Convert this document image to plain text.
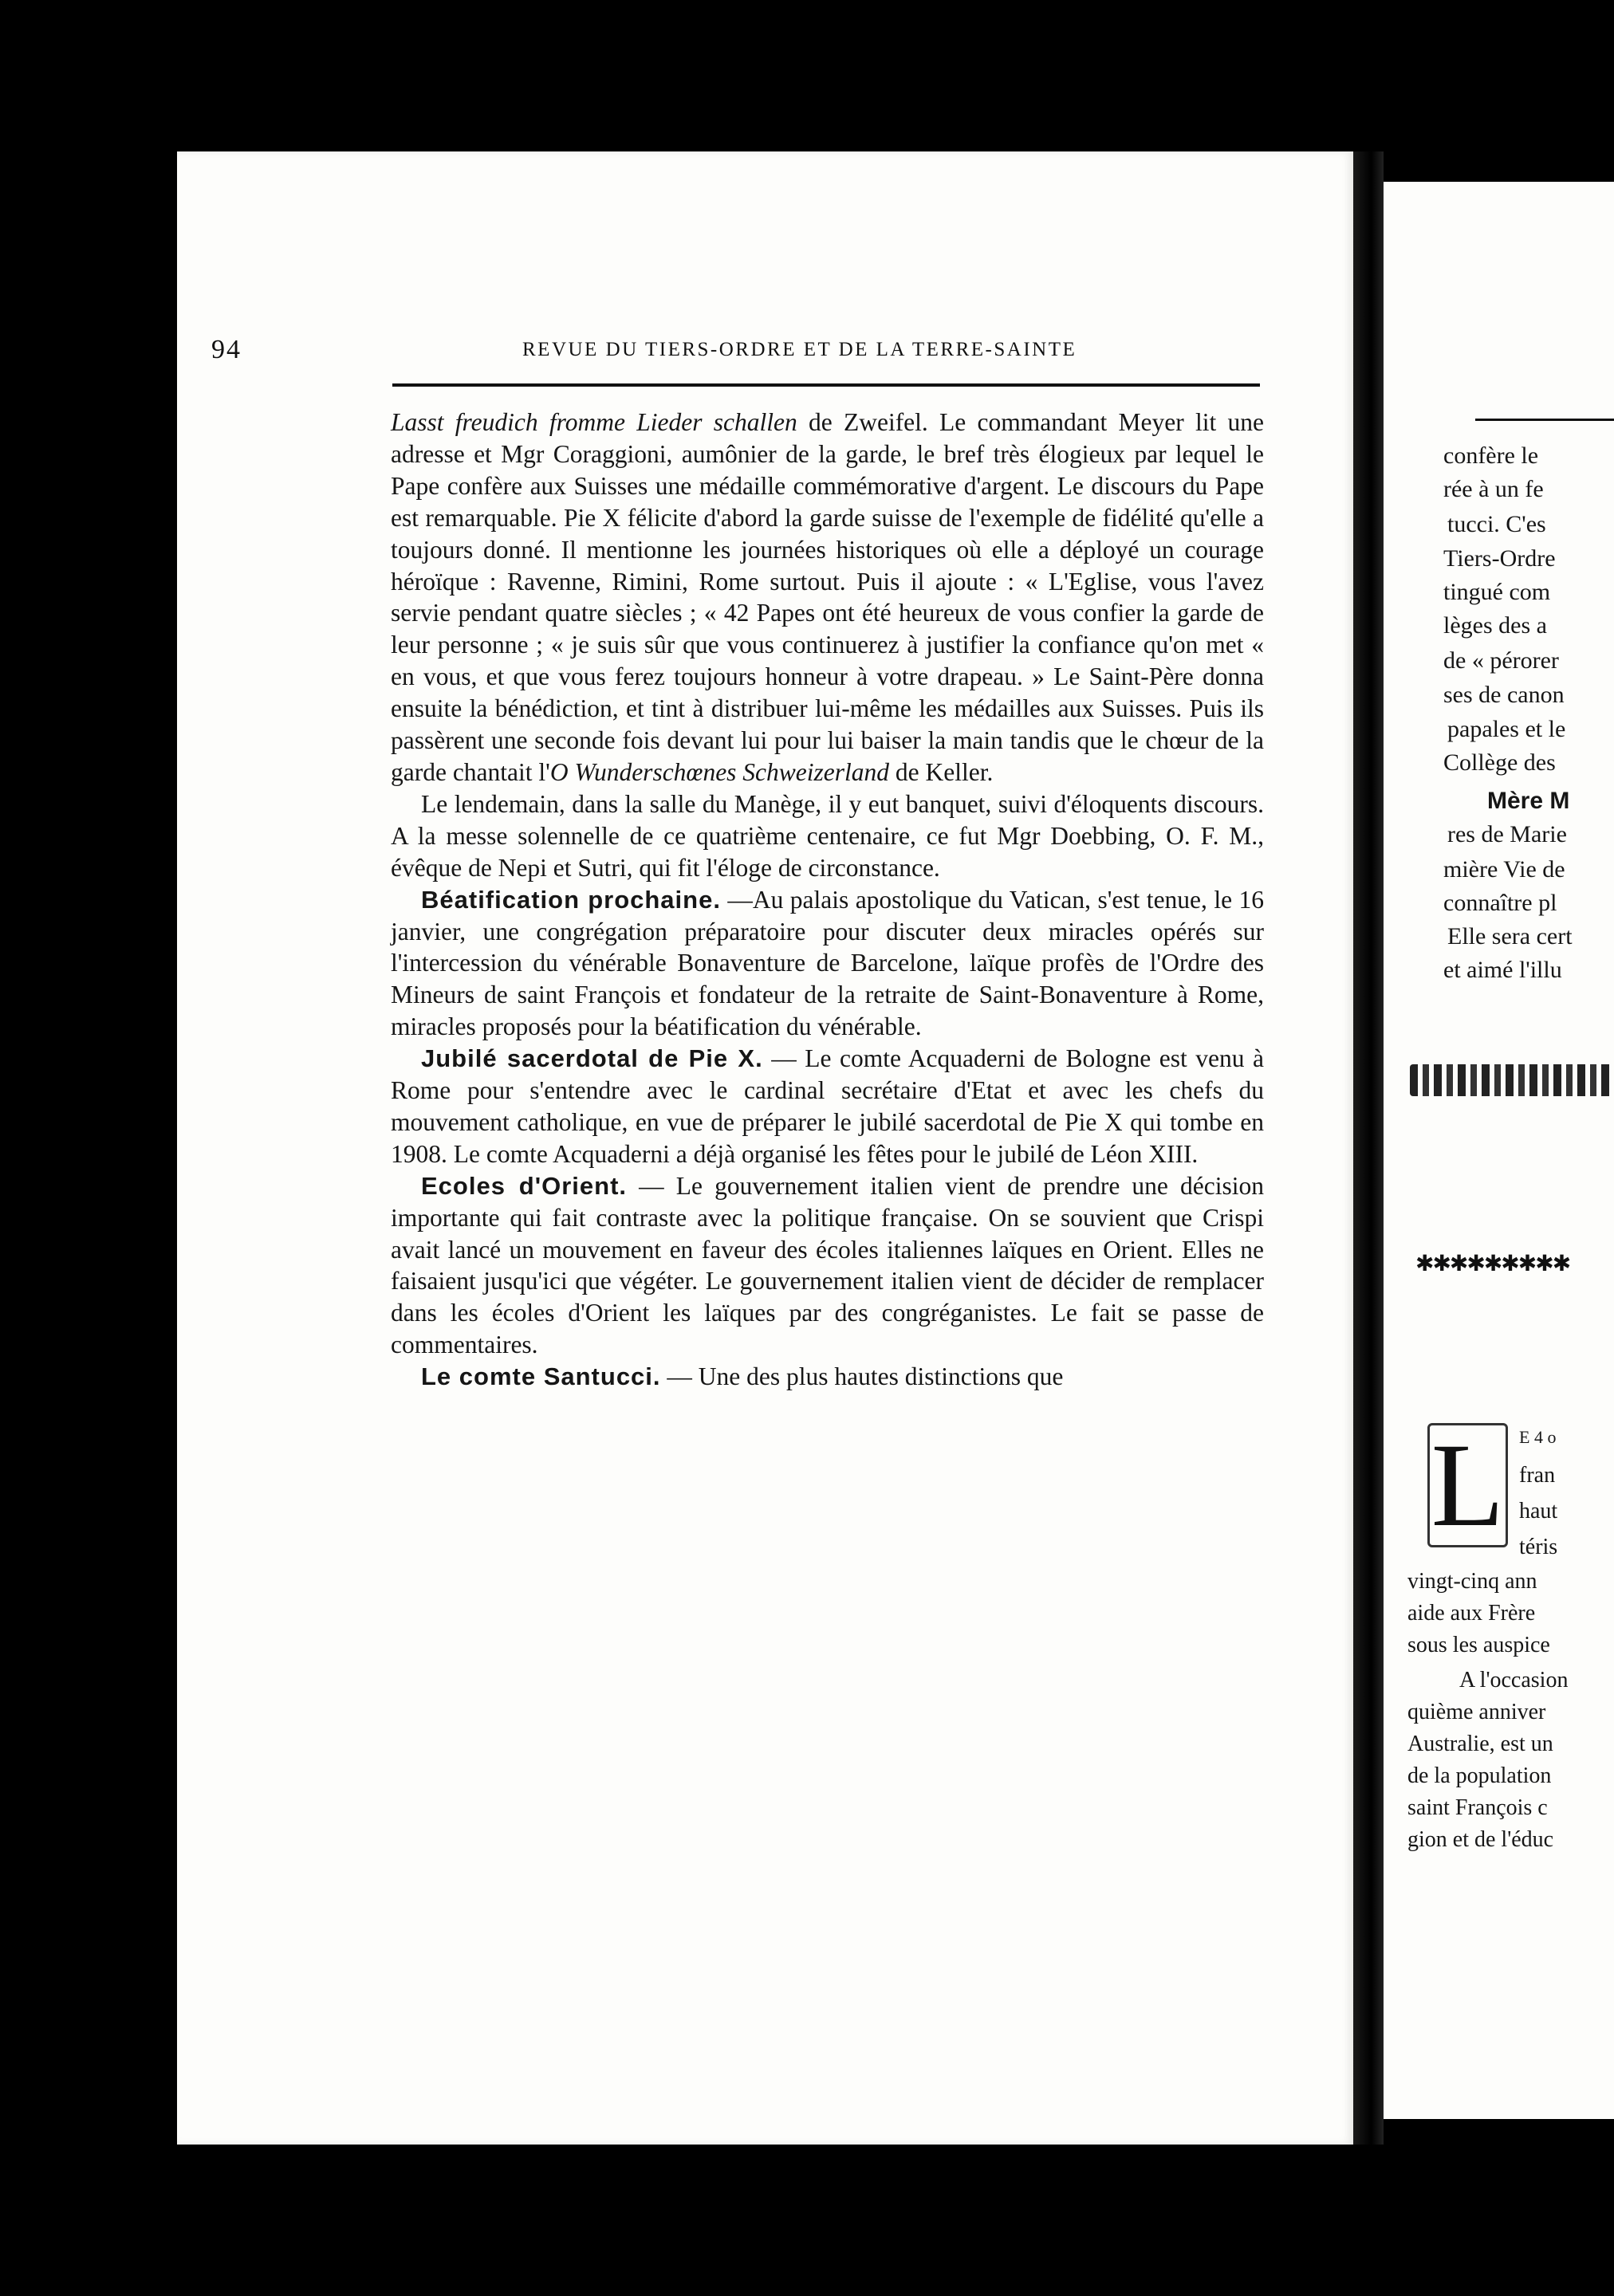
94	REVUE DU TIERS-ORDRE ET DE LA TERRE-SAINTE

Lasst freudich fromme Lieder schallen de Zweifel. Le commandant Meyer lit une adresse et Mgr Coraggioni, aumônier de la garde, le bref très élogieux par lequel le Pape confère aux Suisses une médaille commémorative d'argent. Le discours du Pape est remarquable. Pie X félicite d'abord la garde suisse de l'exemple de fidélité qu'elle a toujours donné. Il mentionne les journées historiques où elle a déployé un courage héroïque : Ravenne, Rimini, Rome surtout. Puis il ajoute : « L'Eglise, vous l'avez servie pendant quatre siècles ; « 42 Papes ont été heureux de vous confier la garde de leur personne ; « je suis sûr que vous continuerez à justifier la confiance qu'on met « en vous, et que vous ferez toujours honneur à votre drapeau. » Le Saint-Père donna ensuite la bénédiction, et tint à distribuer lui-même les médailles aux Suisses. Puis ils passèrent une seconde fois devant lui pour lui baiser la main tandis que le chœur de la garde chantait l'O Wunderschœnes Schweizerland de Keller.

Le lendemain, dans la salle du Manège, il y eut banquet, suivi d'éloquents discours. A la messe solennelle de ce quatrième centenaire, ce fut Mgr Doebbing, O. F. M., évêque de Nepi et Sutri, qui fit l'éloge de circonstance.

Béatification prochaine. —Au palais apostolique du Vatican, s'est tenue, le 16 janvier, une congrégation préparatoire pour discuter deux miracles opérés sur l'intercession du vénérable Bonaventure de Barcelone, laïque profès de l'Ordre des Mineurs de saint François et fondateur de la retraite de Saint-Bonaventure à Rome, miracles proposés pour la béatification du vénérable.

Jubilé sacerdotal de Pie X. — Le comte Acquaderni de Bologne est venu à Rome pour s'entendre avec le cardinal secrétaire d'Etat et avec les chefs du mouvement catholique, en vue de préparer le jubilé sacerdotal de Pie X qui tombe en 1908. Le comte Acquaderni a déjà organisé les fêtes pour le jubilé de Léon XIII.

Ecoles d'Orient. — Le gouvernement italien vient de prendre une décision importante qui fait contraste avec la politique française. On se souvient que Crispi avait lancé un mouvement en faveur des écoles italiennes laïques en Orient. Elles ne faisaient jusqu'ici que végéter. Le gouvernement italien vient de décider de remplacer dans les écoles d'Orient les laïques par des congréganistes. Le fait se passe de commentaires.

Le comte Santucci. — Une des plus hautes distinctions que

confère le
rée à un fe
tucci. C'es
Tiers-Ordre
tingué com
lèges des a
de « pérorer
ses de canon
papales et le
Collège des
Mère M
res de Marie
mière Vie de
connaître pl
Elle sera cert
et aimé l'illu
✱✱✱✱✱✱✱✱✱
L E 4 o
fran
haut
téris
vingt-cinq ann
aide aux Frère
sous les auspice
A l'occasion
quième anniver
Australie, est un
de la population
saint François c
gion et de l'éduc
